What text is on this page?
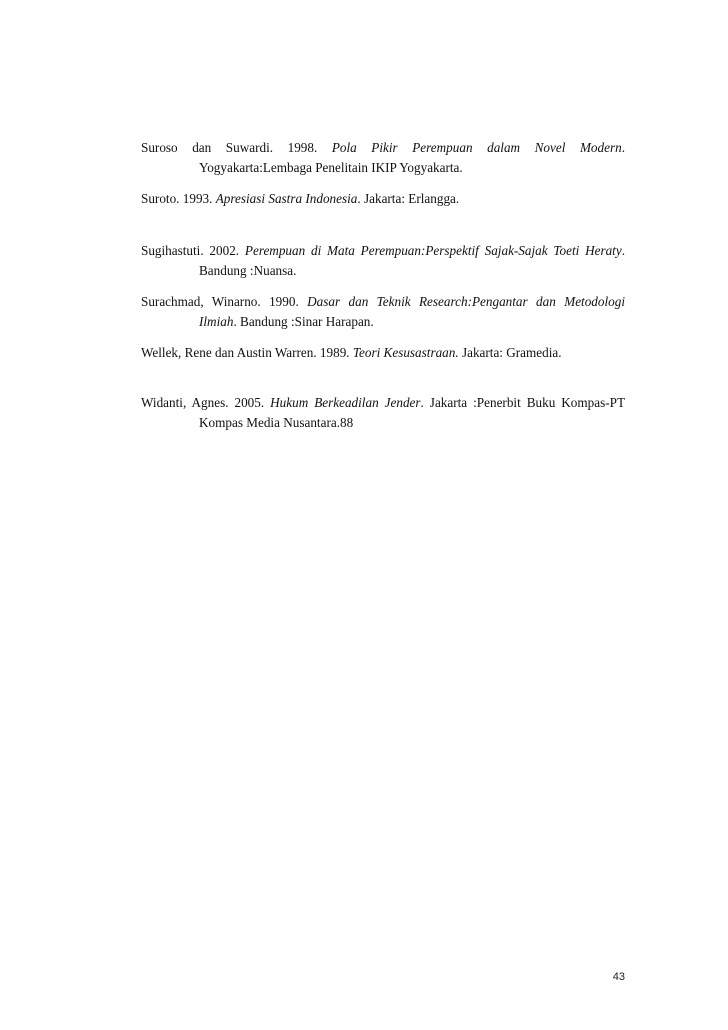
Suroso dan Suwardi. 1998. Pola Pikir Perempuan dalam Novel Modern. Yogyakarta:Lembaga Penelitain IKIP Yogyakarta.

Suroto. 1993. Apresiasi Sastra Indonesia. Jakarta: Erlangga.

Sugihastuti. 2002. Perempuan di Mata Perempuan:Perspektif Sajak-Sajak Toeti Heraty. Bandung :Nuansa.

Surachmad, Winarno. 1990. Dasar dan Teknik Research:Pengantar dan Metodologi Ilmiah. Bandung :Sinar Harapan.

Wellek, Rene dan Austin Warren. 1989. Teori Kesusastraan. Jakarta: Gramedia.

Widanti, Agnes. 2005. Hukum Berkeadilan Jender. Jakarta :Penerbit Buku Kompas-PT Kompas Media Nusantara.88

43
